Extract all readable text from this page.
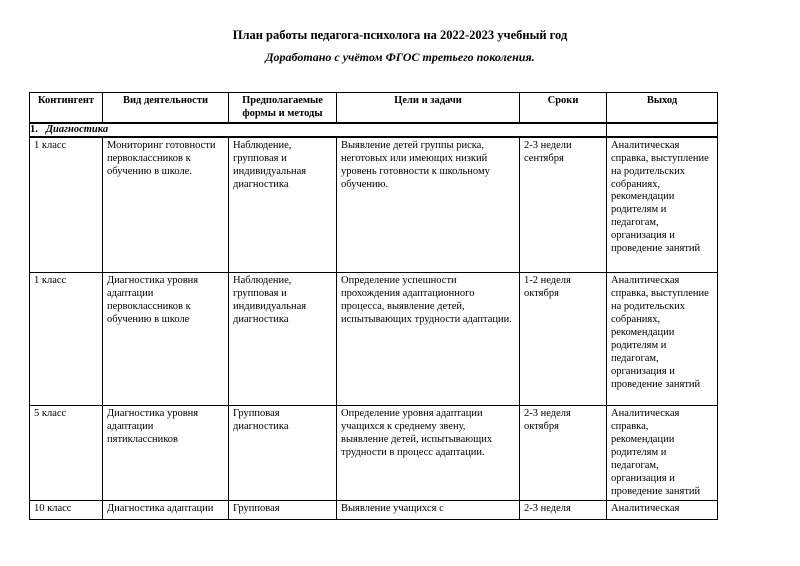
План работы педагога-психолога на 2022-2023 учебный год
Доработано с учётом ФГОС третьего поколения.
Контингент	Вид деятельности	Предполагаемые формы и методы	Цели и задачи	Сроки	Выход
1. Диагностика					
1 класс	Мониторинг готовности первоклассников к обучению в школе.	Наблюдение, групповая и индивидуальная диагностика	Выявление детей группы риска, неготовых или имеющих низкий уровень готовности к школьному обучению.	2-3 недели сентября	Аналитическая справка, выступление на родительских собраниях, рекомендации родителям и педагогам, организация и проведение занятий
1 класс	Диагностика уровня адаптации первоклассников к обучению в школе	Наблюдение, групповая и индивидуальная диагностика	Определение успешности прохождения адаптационного процесса, выявление детей, испытывающих трудности адаптации.	1-2 неделя октября	Аналитическая справка, выступление на родительских собраниях, рекомендации родителям и педагогам, организация и проведение занятий
5 класс	Диагностика уровня адаптации пятиклассников	Групповая диагностика	Определение уровня адаптации учащихся к среднему звену, выявление детей, испытывающих трудности в процесс адаптации.	2-3 неделя октября	Аналитическая справка, рекомендации родителям и педагогам, организация и проведение занятий
10 класс	Диагностика адаптации	Групповая	Выявление учащихся с	2-3 неделя	Аналитическая
